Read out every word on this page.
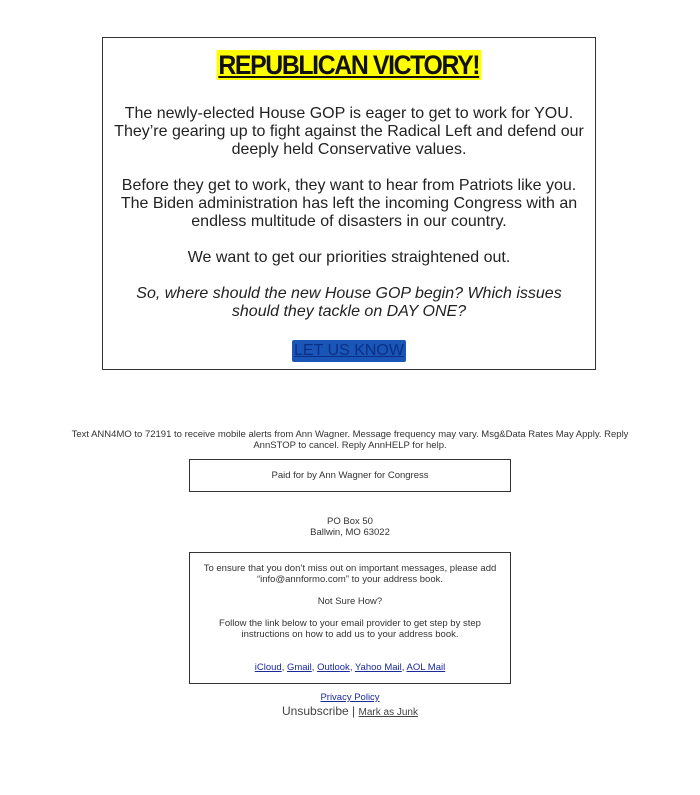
REPUBLICAN VICTORY!
The newly-elected House GOP is eager to get to work for YOU. They’re gearing up to fight against the Radical Left and defend our deeply held Conservative values.
Before they get to work, they want to hear from Patriots like you. The Biden administration has left the incoming Congress with an endless multitude of disasters in our country.
We want to get our priorities straightened out.
So, where should the new House GOP begin? Which issues should they tackle on DAY ONE?
LET US KNOW
Text ANN4MO to 72191 to receive mobile alerts from Ann Wagner. Message frequency may vary. Msg&Data Rates May Apply. Reply AnnSTOP to cancel. Reply AnnHELP for help.
Paid for by Ann Wagner for Congress
PO Box 50
Ballwin, MO 63022
To ensure that you don’t miss out on important messages, please add “info@annformo.com” to your address book.
Not Sure How?
Follow the link below to your email provider to get step by step instructions on how to add us to your address book.
iCloud, Gmail, Outlook, Yahoo Mail, AOL Mail
Privacy Policy
Unsubscribe | Mark as Junk
